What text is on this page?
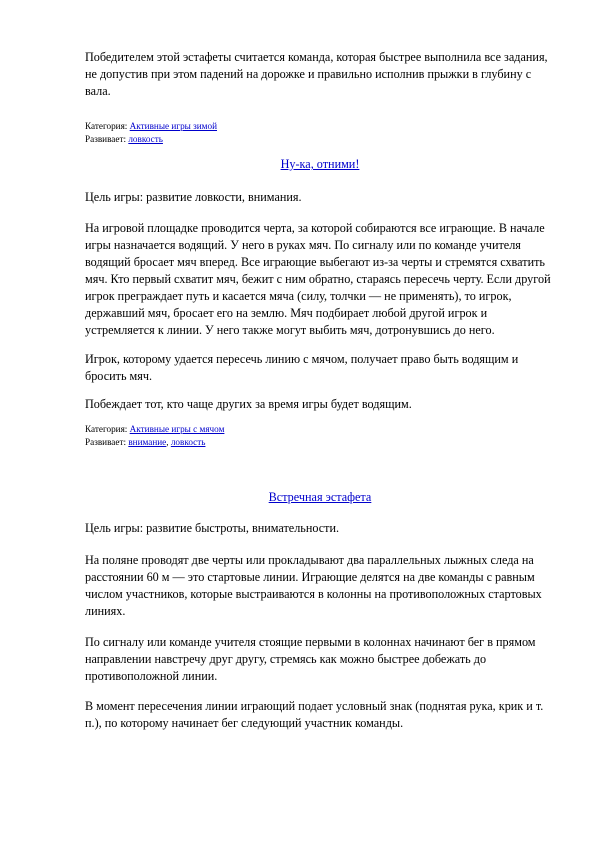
Победителем этой эстафеты считается команда, которая быстрее выполнила все задания, не допустив при этом падений на дорожке и правильно исполнив прыжки в глубину с вала.

Категория: Активные игры зимой
Развивает: ловкость
Ну-ка, отними!

Цель игры: развитие ловкости, внимания.

На игровой площадке проводится черта, за которой собираются все играющие. В начале игры назначается водящий. У него в руках мяч. По сигналу или по команде учителя водящий бросает мяч вперед. Все играющие выбегают из-за черты и стремятся схватить мяч. Кто первый схватит мяч, бежит с ним обратно, стараясь пересечь черту. Если другой игрок преграждает путь и касается мяча (силу, толчки — не применять), то игрок, державший мяч, бросает его на землю. Мяч подбирает любой другой игрок и устремляется к линии. У него также могут выбить мяч, дотронувшись до него.

Игрок, которому удается пересечь линию с мячом, получает право быть водящим и бросить мяч.

Побеждает тот, кто чаще других за время игры будет водящим.

Категория: Активные игры с мячом
Развивает: внимание, ловкость
Встречная эстафета

Цель игры: развитие быстроты, внимательности.

На поляне проводят две черты или прокладывают два параллельных лыжных следа на расстоянии 60 м — это стартовые линии. Играющие делятся на две команды с равным числом участников, которые выстраиваются в колонны на противоположных стартовых линиях.

По сигналу или команде учителя стоящие первыми в колоннах начинают бег в прямом направлении навстречу друг другу, стремясь как можно быстрее добежать до противоположной линии.

В момент пересечения линии играющий подает условный знак (поднятая рука, крик и т. п.), по которому начинает бег следующий участник команды.
